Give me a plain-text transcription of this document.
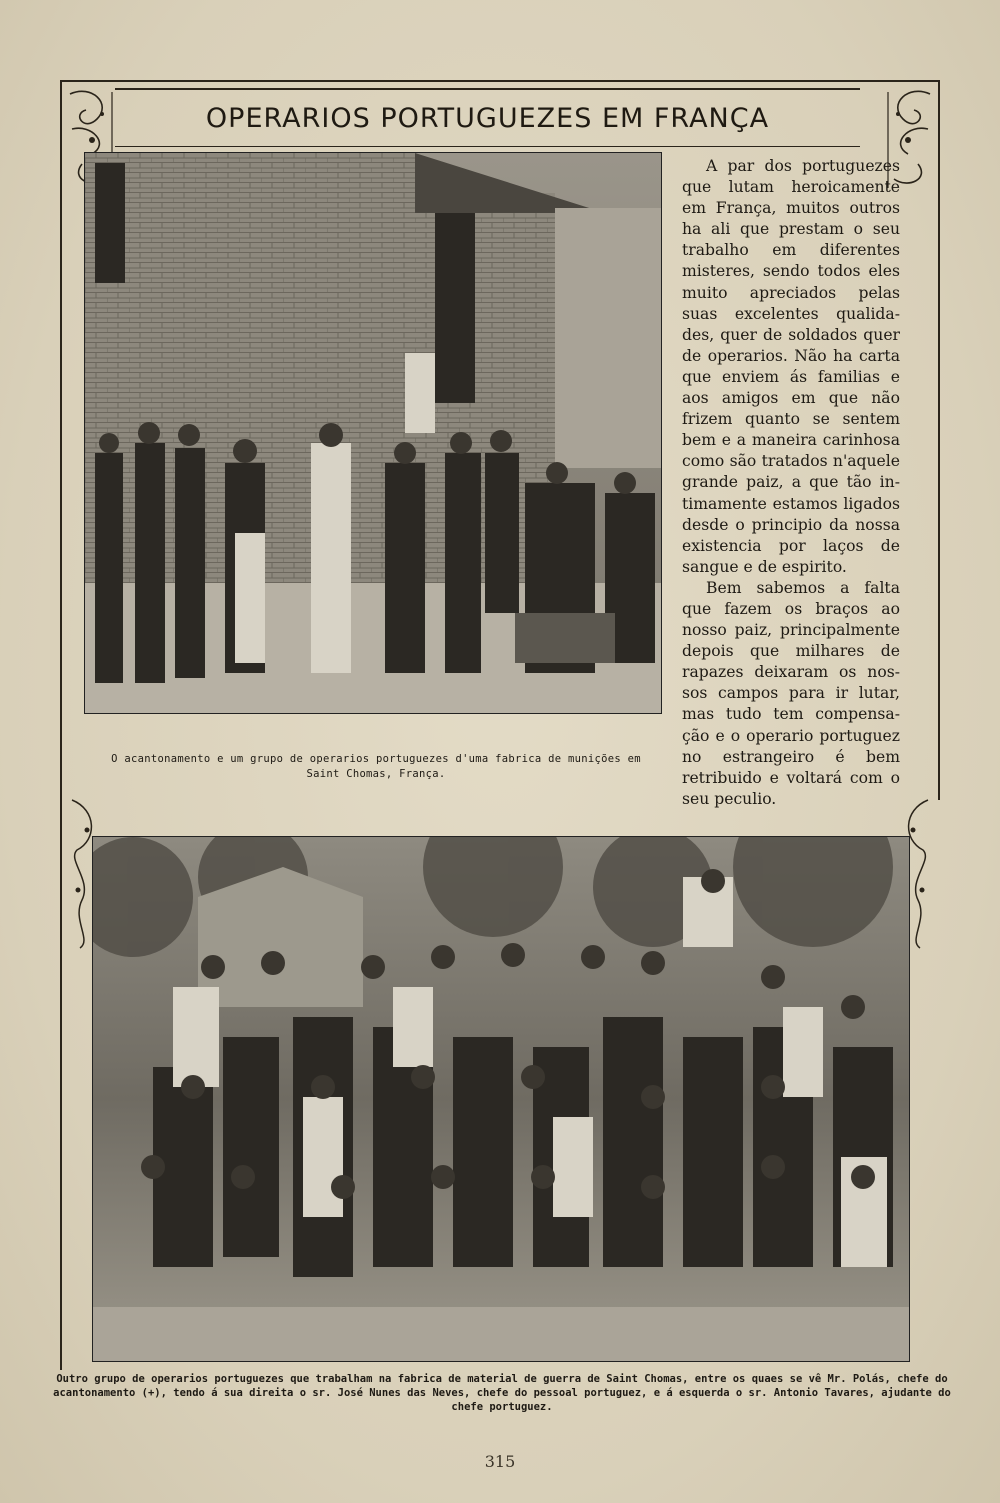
OPERARIOS PORTUGUEZES EM FRANÇA
O acantonamento e um grupo de operarios portuguezes d'uma fabrica de munições em Saint Chomas, França.

A par dos portuguezes que lutam heroicamente em França, muitos outros ha ali que prestam o seu trabalho em diferentes misteres, sendo todos eles muito apreciados pelas suas excelentes qualidades, quer de soldados quer de operarios. Não ha carta que enviem ás familias e aos amigos em que não frizem quanto se sentem bem e a maneira carinhosa como são tratados n'aquele grande paiz, a que tão intimamente estamos ligados desde o principio da nossa existencia por laços de sangue e de espirito.

Bem sabemos a falta que fazem os braços ao nosso paiz, principalmente depois que milhares de rapazes deixaram os nossos campos para ir lutar, mas tudo tem compensação e o operario portuguez no estrangeiro é bem retribuido e voltará com o seu peculio.

Outro grupo de operarios portuguezes que trabalham na fabrica de material de guerra de Saint Chomas, entre os quaes se vê Mr. Polás, chefe do acantonamento (+), tendo á sua direita o sr. José Nunes das Neves, chefe do pessoal portuguez, e á esquerda o sr. Antonio Tavares, ajudante do chefe portuguez.
315
